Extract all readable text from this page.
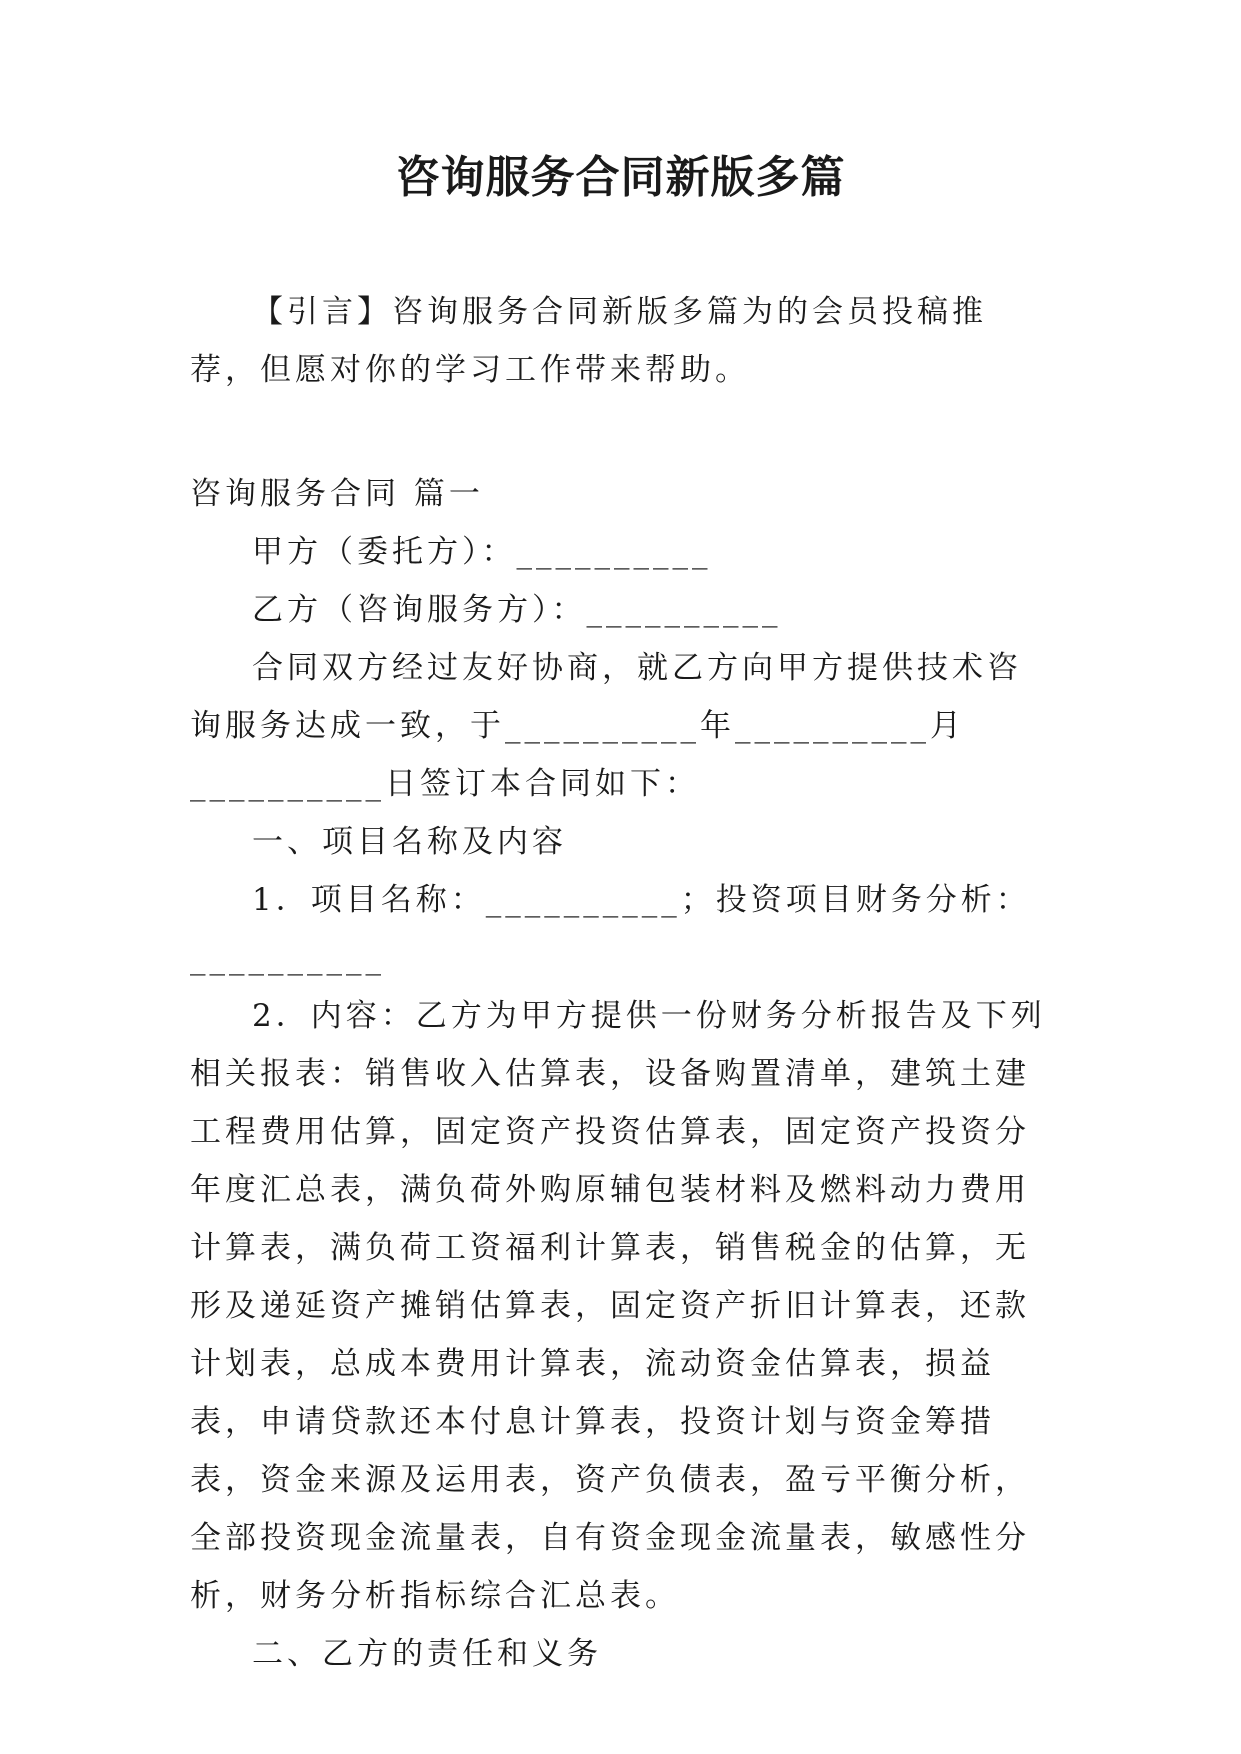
咨询服务合同新版多篇

【引言】咨询服务合同新版多篇为的会员投稿推荐，但愿对你的学习工作带来帮助。

咨询服务合同 篇一

甲方（委托方）：__________

乙方（咨询服务方）：__________

合同双方经过友好协商，就乙方向甲方提供技术咨询服务达成一致，于__________年__________月__________日签订本合同如下：

一、项目名称及内容

1．项目名称：__________；投资项目财务分析：__________

2．内容：乙方为甲方提供一份财务分析报告及下列相关报表：销售收入估算表，设备购置清单，建筑土建工程费用估算，固定资产投资估算表，固定资产投资分年度汇总表，满负荷外购原辅包装材料及燃料动力费用计算表，满负荷工资福利计算表，销售税金的估算，无形及递延资产摊销估算表，固定资产折旧计算表，还款计划表，总成本费用计算表，流动资金估算表，损益表，申请贷款还本付息计算表，投资计划与资金筹措表，资金来源及运用表，资产负债表，盈亏平衡分析，全部投资现金流量表，自有资金现金流量表，敏感性分析，财务分析指标综合汇总表。

二、乙方的责任和义务
